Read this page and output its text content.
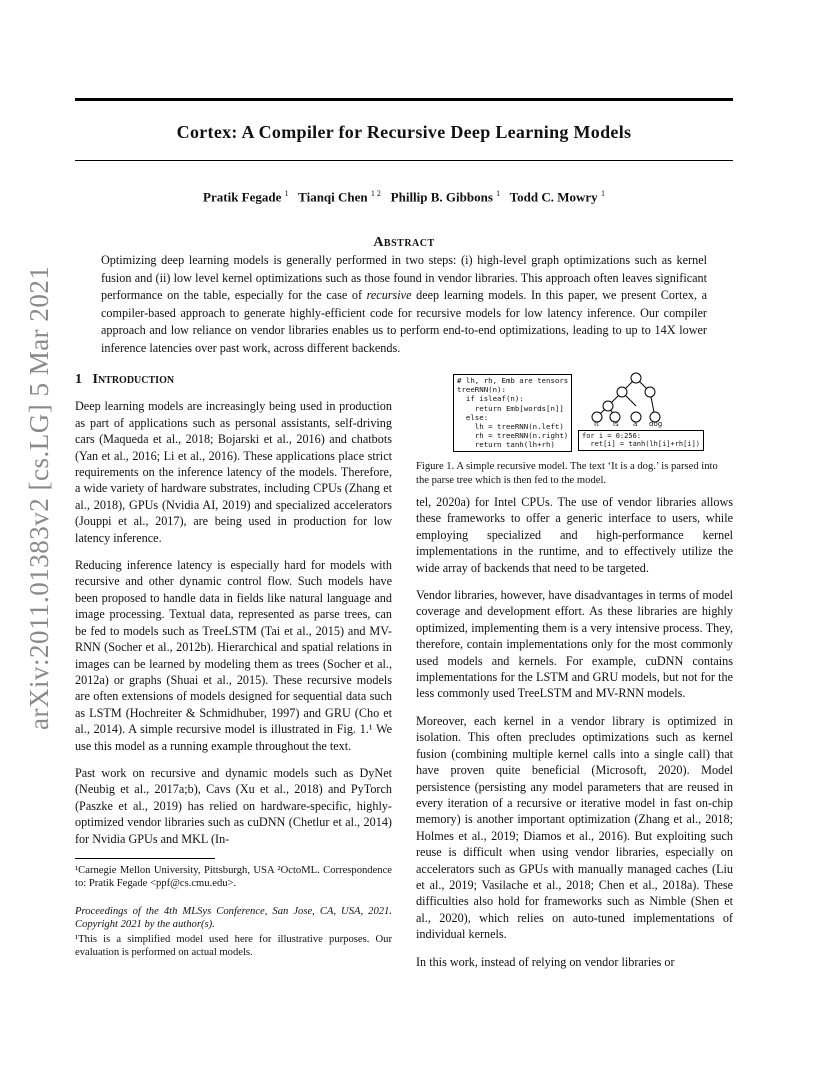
arXiv:2011.01383v2 [cs.LG] 5 Mar 2021
Cortex: A Compiler for Recursive Deep Learning Models
Pratik Fegade $^1$ Tianqi Chen $^{1 2}$ Phillip B. Gibbons $^1$ Todd C. Mowry $^1$
Abstract
Optimizing deep learning models is generally performed in two steps: (i) high-level graph optimizations such as kernel fusion and (ii) low level kernel optimizations such as those found in vendor libraries. This approach often leaves significant performance on the table, especially for the case of recursive deep learning models. In this paper, we present Cortex, a compiler-based approach to generate highly-efficient code for recursive models for low latency inference. Our compiler approach and low reliance on vendor libraries enables us to perform end-to-end optimizations, leading to up to 14X lower inference latencies over past work, across different backends.
1 Introduction

Deep learning models are increasingly being used in production as part of applications such as personal assistants, self-driving cars (Maqueda et al., 2018; Bojarski et al., 2016) and chatbots (Yan et al., 2016; Li et al., 2016). These applications place strict requirements on the inference latency of the models. Therefore, a wide variety of hardware substrates, including CPUs (Zhang et al., 2018), GPUs (Nvidia AI, 2019) and specialized accelerators (Jouppi et al., 2017), are being used in production for low latency inference.

Reducing inference latency is especially hard for models with recursive and other dynamic control flow. Such models have been proposed to handle data in fields like natural language and image processing. Textual data, represented as parse trees, can be fed to models such as TreeLSTM (Tai et al., 2015) and MV-RNN (Socher et al., 2012b). Hierarchical and spatial relations in images can be learned by modeling them as trees (Socher et al., 2012a) or graphs (Shuai et al., 2015). These recursive models are often extensions of models designed for sequential data such as LSTM (Hochreiter & Schmidhuber, 1997) and GRU (Cho et al., 2014). A simple recursive model is illustrated in Fig. 1.¹ We use this model as a running example throughout the text.

Past work on recursive and dynamic models such as DyNet (Neubig et al., 2017a;b), Cavs (Xu et al., 2018) and PyTorch (Paszke et al., 2019) has relied on hardware-specific, highly-optimized vendor libraries such as cuDNN (Chetlur et al., 2014) for Nvidia GPUs and MKL (In-

¹Carnegie Mellon University, Pittsburgh, USA ²OctoML. Correspondence to: Pratik Fegade <ppf@cs.cmu.edu>.
Proceedings of the 4th MLSys Conference, San Jose, CA, USA, 2021. Copyright 2021 by the author(s).
¹This is a simplified model used here for illustrative purposes. Our evaluation is performed on actual models.
# lh, rh, Emb are tensors
treeRNN(n):
if isleaf(n):
return Emb[words[n]]
else:
lh = treeRNN(n.left)
rh = treeRNN(n.right)
return tanh(lh+rh)
It is a dog
for i = 0:256:
ret[i] = tanh(lh[i]+rh[i])
Figure 1. A simple recursive model. The text ‘It is a dog.’ is parsed into the parse tree which is then fed to the model.

tel, 2020a) for Intel CPUs. The use of vendor libraries allows these frameworks to offer a generic interface to users, while employing specialized and high-performance kernel implementations in the runtime, and to effectively utilize the wide array of backends that need to be targeted.

Vendor libraries, however, have disadvantages in terms of model coverage and development effort. As these libraries are highly optimized, implementing them is a very intensive process. They, therefore, contain implementations only for the most commonly used models and kernels. For example, cuDNN contains implementations for the LSTM and GRU models, but not for the less commonly used TreeLSTM and MV-RNN models.

Moreover, each kernel in a vendor library is optimized in isolation. This often precludes optimizations such as kernel fusion (combining multiple kernel calls into a single call) that have proven quite beneficial (Microsoft, 2020). Model persistence (persisting any model parameters that are reused in every iteration of a recursive or iterative model in fast on-chip memory) is another important optimization (Zhang et al., 2018; Holmes et al., 2019; Diamos et al., 2016). But exploiting such reuse is difficult when using vendor libraries, especially on accelerators such as GPUs with manually managed caches (Liu et al., 2019; Vasilache et al., 2018; Chen et al., 2018a). These difficulties also hold for frameworks such as Nimble (Shen et al., 2020), which relies on auto-tuned implementations of individual kernels.

In this work, instead of relying on vendor libraries or
